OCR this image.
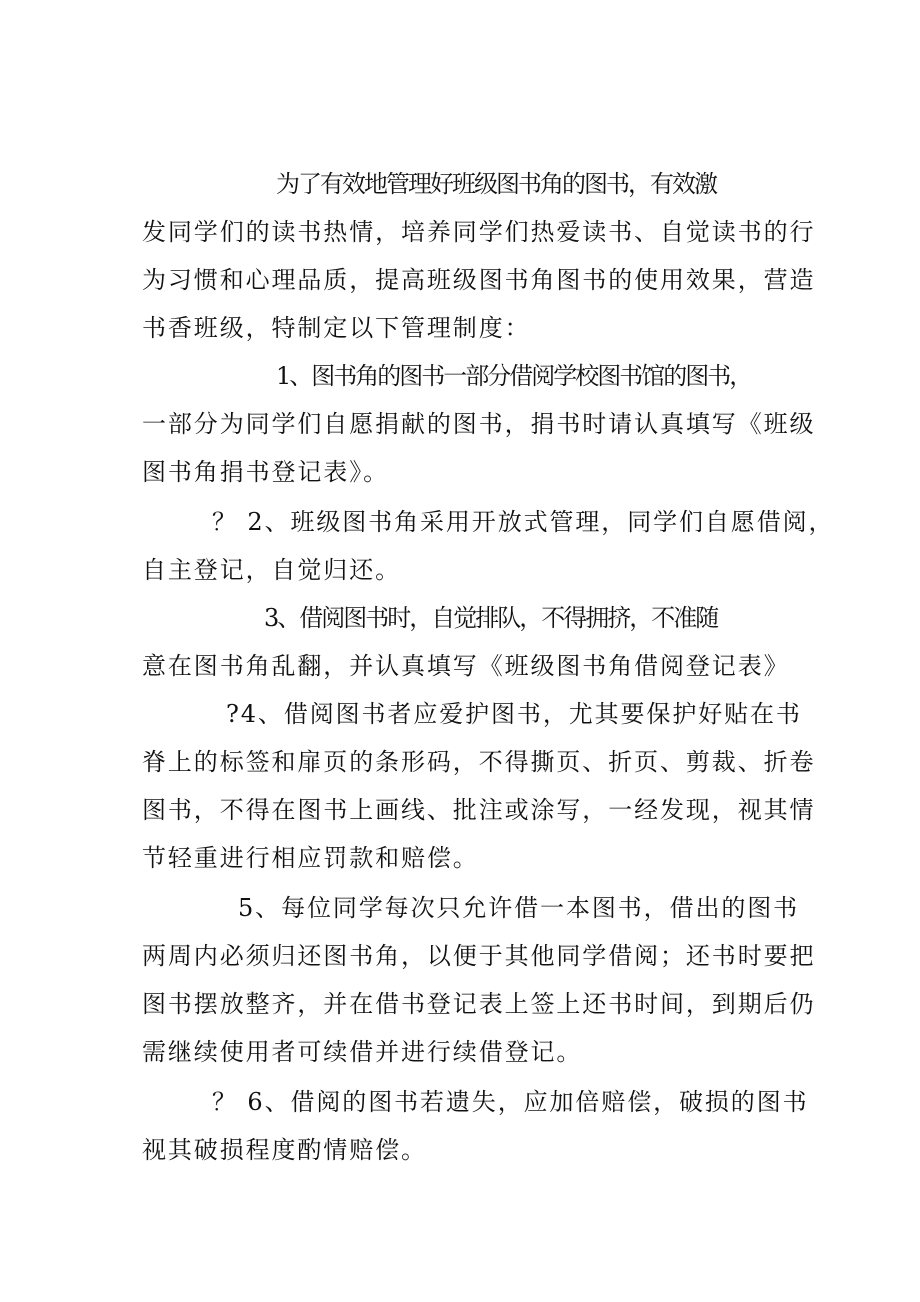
为了有效地管理好班级图书角的图书，有效激
发同学们的读书热情，培养同学们热爱读书、自觉读书的行
为习惯和心理品质，提高班级图书角图书的使用效果，营造
书香班级，特制定以下管理制度：
1、图书角的图书一部分借阅学校图书馆的图书，
一部分为同学们自愿捐献的图书，捐书时请认真填写《班级
图书角捐书登记表》。
？ 2、班级图书角采用开放式管理，同学们自愿借阅，
自主登记，自觉归还。
3、借阅图书时，自觉排队，不得拥挤，不准随
意在图书角乱翻，并认真填写《班级图书角借阅登记表》
?4、借阅图书者应爱护图书，尤其要保护好贴在书
脊上的标签和扉页的条形码，不得撕页、折页、剪裁、折卷
图书，不得在图书上画线、批注或涂写，一经发现，视其情
节轻重进行相应罚款和赔偿。
5、每位同学每次只允许借一本图书，借出的图书
两周内必须归还图书角，以便于其他同学借阅；还书时要把
图书摆放整齐，并在借书登记表上签上还书时间，到期后仍
需继续使用者可续借并进行续借登记。
？ 6、借阅的图书若遗失，应加倍赔偿，破损的图书
视其破损程度酌情赔偿。
